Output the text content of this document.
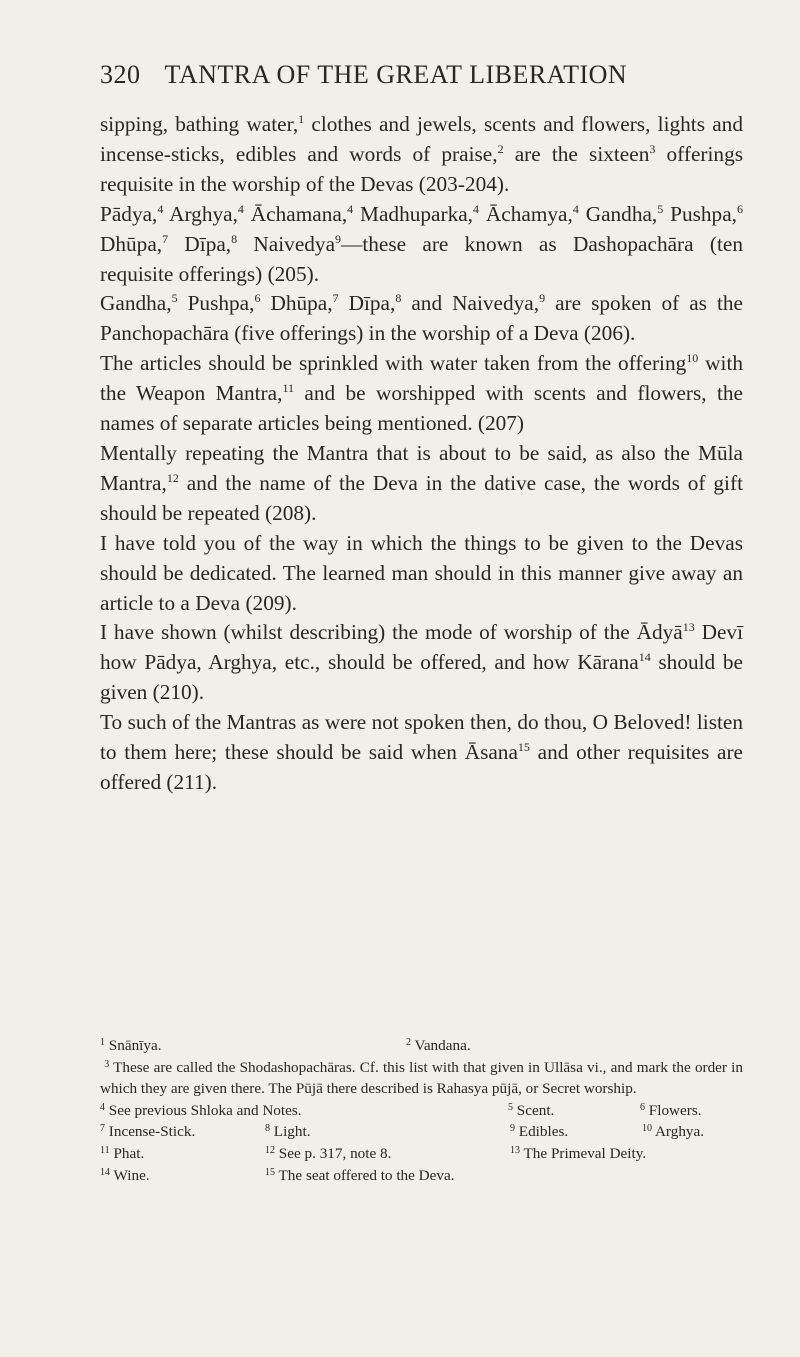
320 TANTRA OF THE GREAT LIBERATION

sipping, bathing water,$^1$ clothes and jewels, scents and flowers, lights and incense-sticks, edibles and words of praise,$^2$ are the sixteen$^3$ offerings requisite in the worship of the Devas (203-204).

Pādya,$^4$ Arghya,$^4$ Āchamana,$^4$ Madhuparka,$^4$ Āchamya,$^4$ Gandha,$^5$ Pushpa,$^6$ Dhūpa,$^7$ Dīpa,$^8$ Naivedya$^9$—these are known as Dashopachāra (ten requisite offerings) (205).

Gandha,$^5$ Pushpa,$^6$ Dhūpa,$^7$ Dīpa,$^8$ and Naivedya,$^9$ are spoken of as the Panchopachāra (five offerings) in the worship of a Deva (206).

The articles should be sprinkled with water taken from the offering$^{10}$ with the Weapon Mantra,$^{11}$ and be worshipped with scents and flowers, the names of separate articles being mentioned. (207)

Mentally repeating the Mantra that is about to be said, as also the Mūla Mantra,$^{12}$ and the name of the Deva in the dative case, the words of gift should be repeated (208).

I have told you of the way in which the things to be given to the Devas should be dedicated. The learned man should in this manner give away an article to a Deva (209).

I have shown (whilst describing) the mode of worship of the Ādyā$^{13}$ Devī how Pādya, Arghya, etc., should be offered, and how Kārana$^{14}$ should be given (210).

To such of the Mantras as were not spoken then, do thou, O Beloved! listen to them here; these should be said when Āsana$^{15}$ and other requisites are offered (211).

$^1$ Snānīya.	$^2$ Vandana.
$^3$ These are called the Shodashopachāras. Cf. this list with that given in Ullāsa vi., and mark the order in which they are given there. The Pūjā there described is Rahasya pūjā, or Secret worship.
$^4$ See previous Shloka and Notes.	$^5$ Scent.	$^6$ Flowers.
$^7$ Incense-Stick.	$^8$ Light.	$^9$ Edibles.	$^{10}$ Arghya.
$^{11}$ Phat.	$^{12}$ See p. 317, note 8.	$^{13}$ The Primeval Deity.
$^{14}$ Wine.	$^{15}$ The seat offered to the Deva.
